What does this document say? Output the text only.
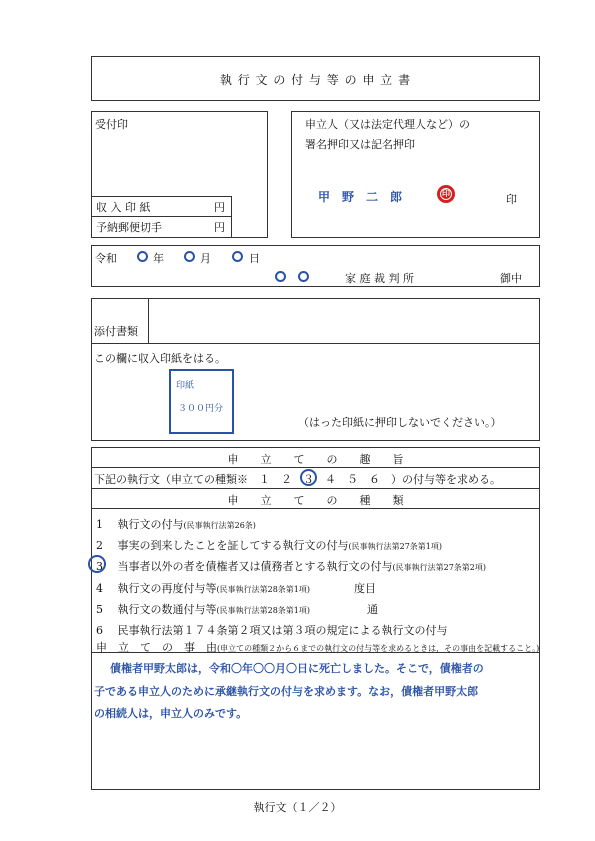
執 行 文 の 付 与 等 の 申 立 書
受付印
収 入 印 紙	円
予納郵便切手	円
申立人（又は法定代理人など）の
署名押印又は記名押印
甲　野　二　郎	印	印
令和	年	月	日
家 庭 裁 判 所	御中
添付書類
この欄に収入印紙をはる。
印紙
３００円分
（はった印紙に押印しないでください。）
申　　立　　て　　の　　趣　　旨
下記の執行文（申立ての種類※　１　２　３　４　５　６　）の付与等を求める。
申　　立　　て　　の　　種　　類
1　 執行文の付与(民事執行法第26条)
2　 事実の到来したことを証してする執行文の付与(民事執行法第27条第1項)
3　 当事者以外の者を債権者又は債務者とする執行文の付与(民事執行法第27条第2項)
4　 執行文の再度付与等(民事執行法第28条第1項)	度目
5　 執行文の数通付与等(民事執行法第28条第1項)	通
6　 民事執行法第１７４条第２項又は第３項の規定による執行文の付与
申　立　て　の　事　由(申立ての種類２から６までの執行文の付与等を求めるときは，その事由を記載すること。)
債権者甲野太郎は，令和〇年〇〇月〇日に死亡しました。そこで，債権者の
子である申立人のために承継執行文の付与を求めます。なお，債権者甲野太郎
の相続人は，申立人のみです。
執行文（１／２）
